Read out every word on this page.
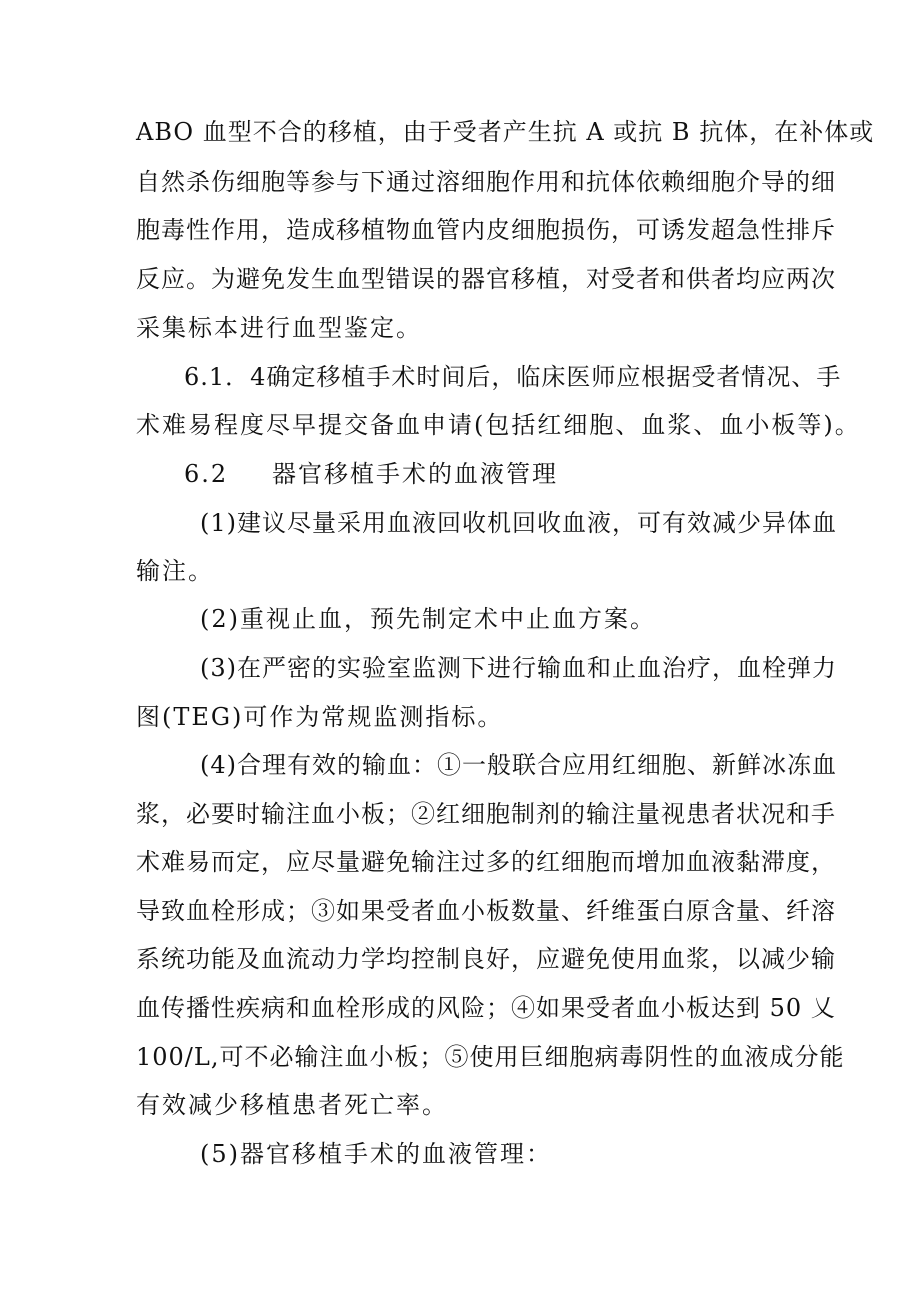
ABO 血型不合的移植，由于受者产生抗 A 或抗 B 抗体，在补体或
自然杀伤细胞等参与下通过溶细胞作用和抗体依赖细胞介导的细
胞毒性作用，造成移植物血管内皮细胞损伤，可诱发超急性排斥
反应。为避免发生血型错误的器官移植，对受者和供者均应两次
采集标本进行血型鉴定。
6.1．4确定移植手术时间后，临床医师应根据受者情况、手
术难易程度尽早提交备血申请(包括红细胞、血浆、血小板等)。
6.2 器官移植手术的血液管理
(1)建议尽量采用血液回收机回收血液，可有效减少异体血
输注。
(2)重视止血，预先制定术中止血方案。
(3)在严密的实验室监测下进行输血和止血治疗，血栓弹力
图(TEG)可作为常规监测指标。
(4)合理有效的输血：①一般联合应用红细胞、新鲜冰冻血
浆，必要时输注血小板；②红细胞制剂的输注量视患者状况和手
术难易而定，应尽量避免输注过多的红细胞而增加血液黏滞度，
导致血栓形成；③如果受者血小板数量、纤维蛋白原含量、纤溶
系统功能及血流动力学均控制良好，应避免使用血浆，以减少输
血传播性疾病和血栓形成的风险；④如果受者血小板达到 50 乂
100/L,可不必输注血小板；⑤使用巨细胞病毒阴性的血液成分能
有效减少移植患者死亡率。
(5)器官移植手术的血液管理：
